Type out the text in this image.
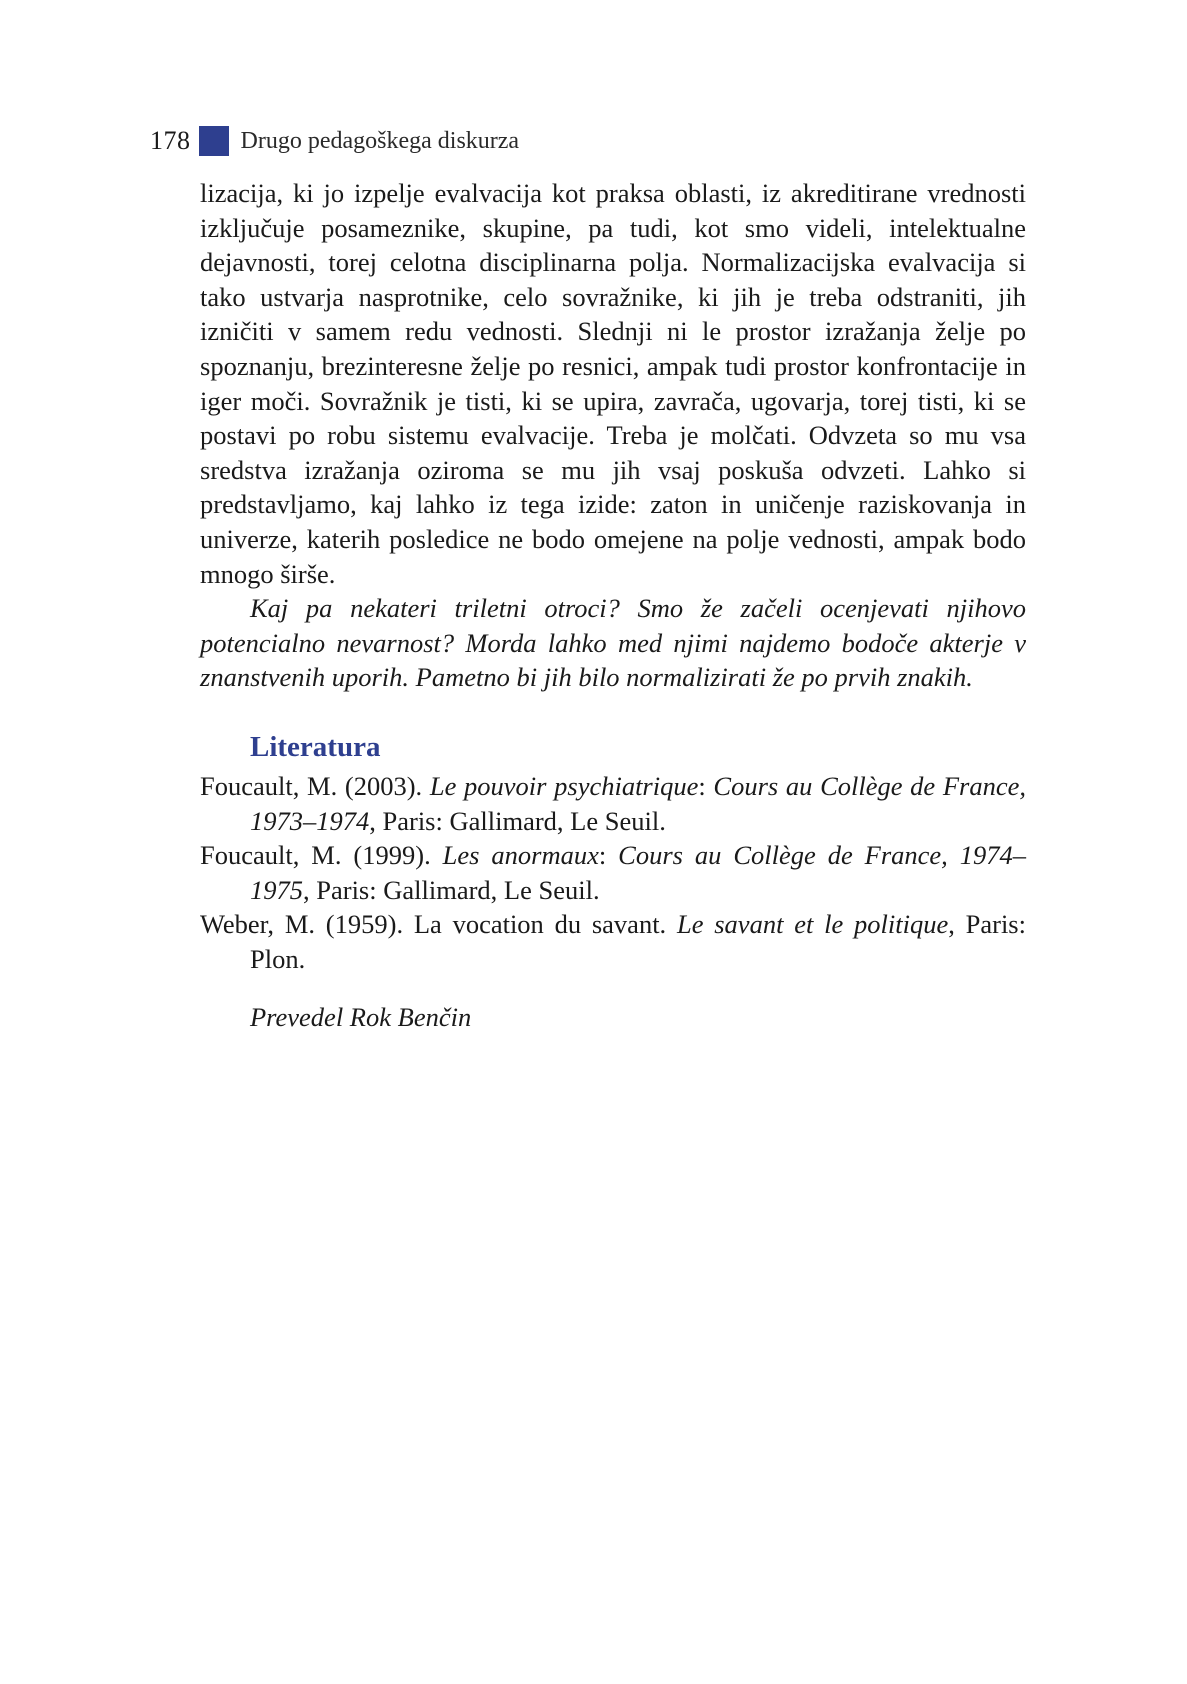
178 Drugo pedagoškega diskurza

lizacija, ki jo izpelje evalvacija kot praksa oblasti, iz akreditirane vrednosti izključuje posameznike, skupine, pa tudi, kot smo videli, intelektualne dejavnosti, torej celotna disciplinarna polja. Normalizacijska evalvacija si tako ustvarja nasprotnike, celo sovražnike, ki jih je treba odstraniti, jih izničiti v samem redu vednosti. Slednji ni le prostor izražanja želje po spoznanju, brezinteresne želje po resnici, ampak tudi prostor konfrontacije in iger moči. Sovražnik je tisti, ki se upira, zavrača, ugovarja, torej tisti, ki se postavi po robu sistemu evalvacije. Treba je molčati. Odvzeta so mu vsa sredstva izražanja oziroma se mu jih vsaj poskuša odvzeti. Lahko si predstavljamo, kaj lahko iz tega izide: zaton in uničenje raziskovanja in univerze, katerih posledice ne bodo omejene na polje vednosti, ampak bodo mnogo širše.

Kaj pa nekateri triletni otroci? Smo že začeli ocenjevati njihovo potencialno nevarnost? Morda lahko med njimi najdemo bodoče akterje v znanstvenih uporih. Pametno bi jih bilo normalizirati že po prvih znakih.

Literatura
Foucault, M. (2003). Le pouvoir psychiatrique: Cours au Collège de France, 1973–1974, Paris: Gallimard, Le Seuil.
Foucault, M. (1999). Les anormaux: Cours au Collège de France, 1974–1975, Paris: Gallimard, Le Seuil.
Weber, M. (1959). La vocation du savant. Le savant et le politique, Paris: Plon.

Prevedel Rok Benčin
